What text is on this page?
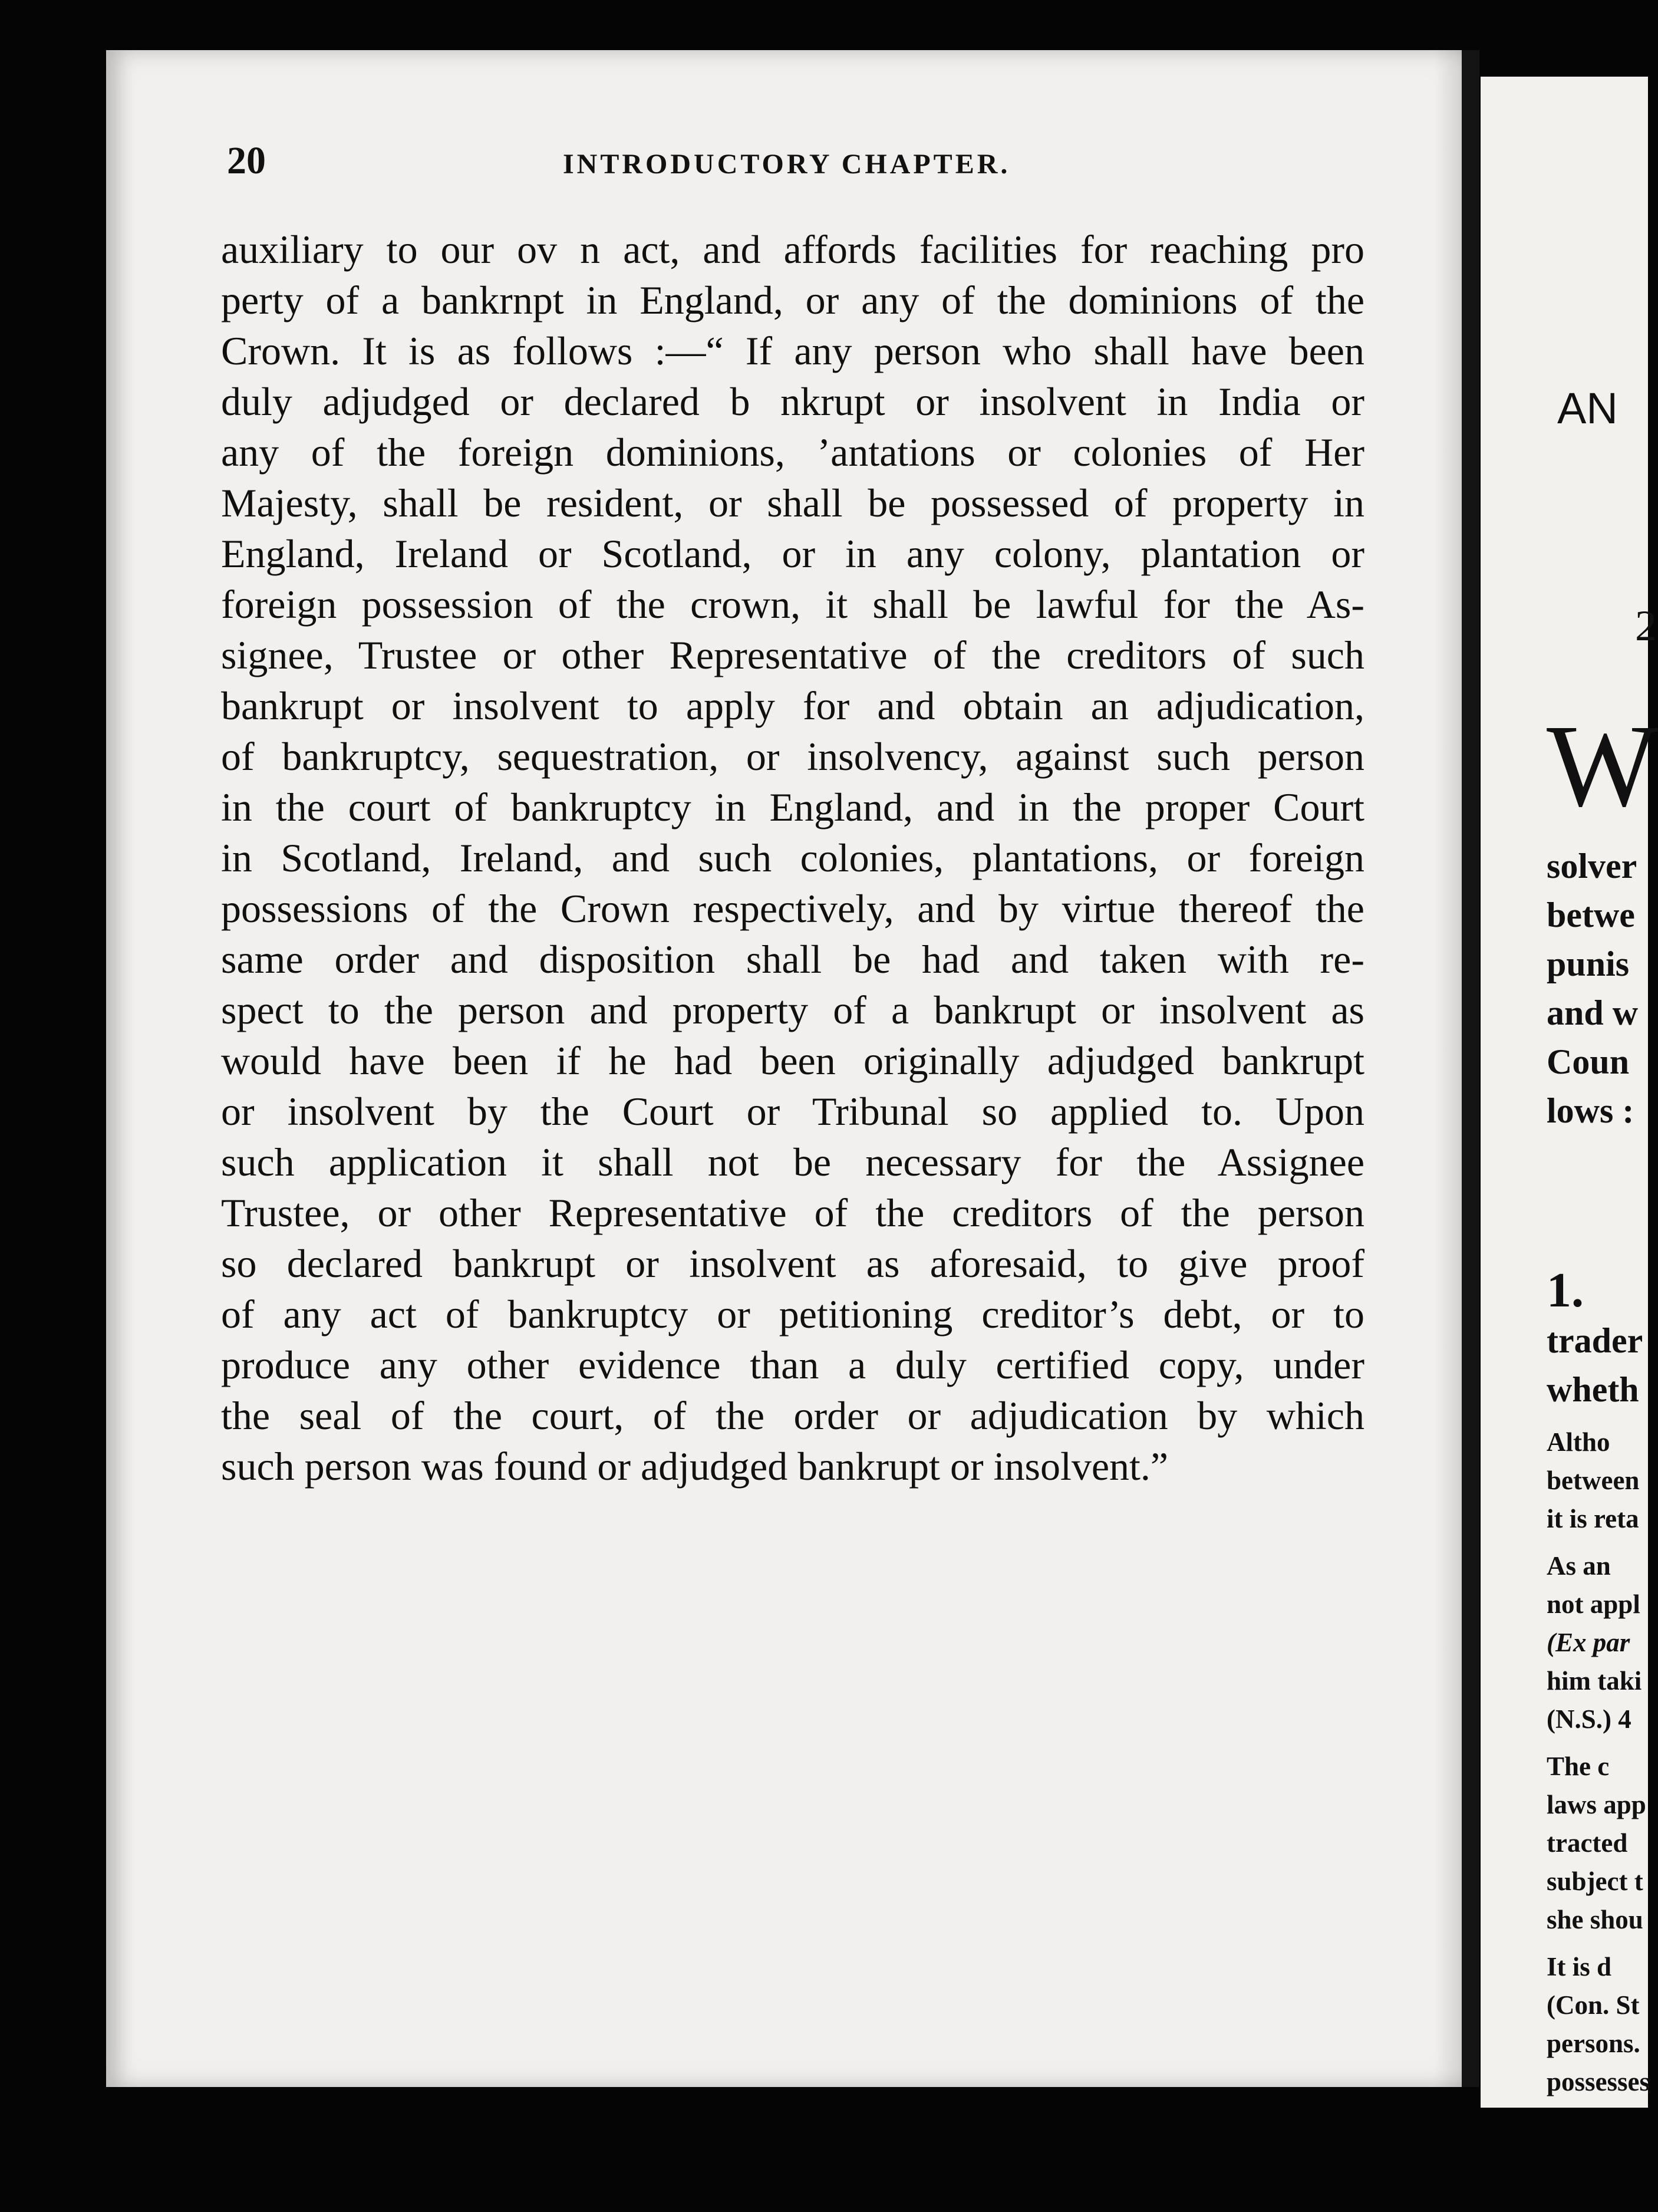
AN
2
W
1.
solver
betwe
punis
and w
Coun
lows :
trader
wheth
Altho
between
it is reta
As an
not appl
(Ex par
him taki
(N.S.) 4
The c
laws app
tracted
subject t
she shou
It is d
(Con. St
persons.
possesses
20	INTRODUCTORY CHAPTER.
auxiliary to our ov n act, and affords facilities for reaching pro
perty of a bankrnpt in England, or any of the dominions of the
Crown. It is as follows :—“ If any person who shall have been
duly adjudged or declared b nkrupt or insolvent in India or
any of the foreign dominions, ’antations or colonies of Her
Majesty, shall be resident, or shall be possessed of property in
England, Ireland or Scotland, or in any colony, plantation or
foreign possession of the crown, it shall be lawful for the As-
signee, Trustee or other Representative of the creditors of such
bankrupt or insolvent to apply for and obtain an adjudication,
of bankruptcy, sequestration, or insolvency, against such person
in the court of bankruptcy in England, and in the proper Court
in Scotland, Ireland, and such colonies, plantations, or foreign
possessions of the Crown respectively, and by virtue thereof the
same order and disposition shall be had and taken with re-
spect to the person and property of a bankrupt or insolvent as
would have been if he had been originally adjudged bankrupt
or insolvent by the Court or Tribunal so applied to. Upon
such application it shall not be necessary for the Assignee
Trustee, or other Representative of the creditors of the person
so declared bankrupt or insolvent as aforesaid, to give proof
of any act of bankruptcy or petitioning creditor’s debt, or to
produce any other evidence than a duly certified copy, under
the seal of the court, of the order or adjudication by which
such person was found or adjudged bankrupt or insolvent.”
